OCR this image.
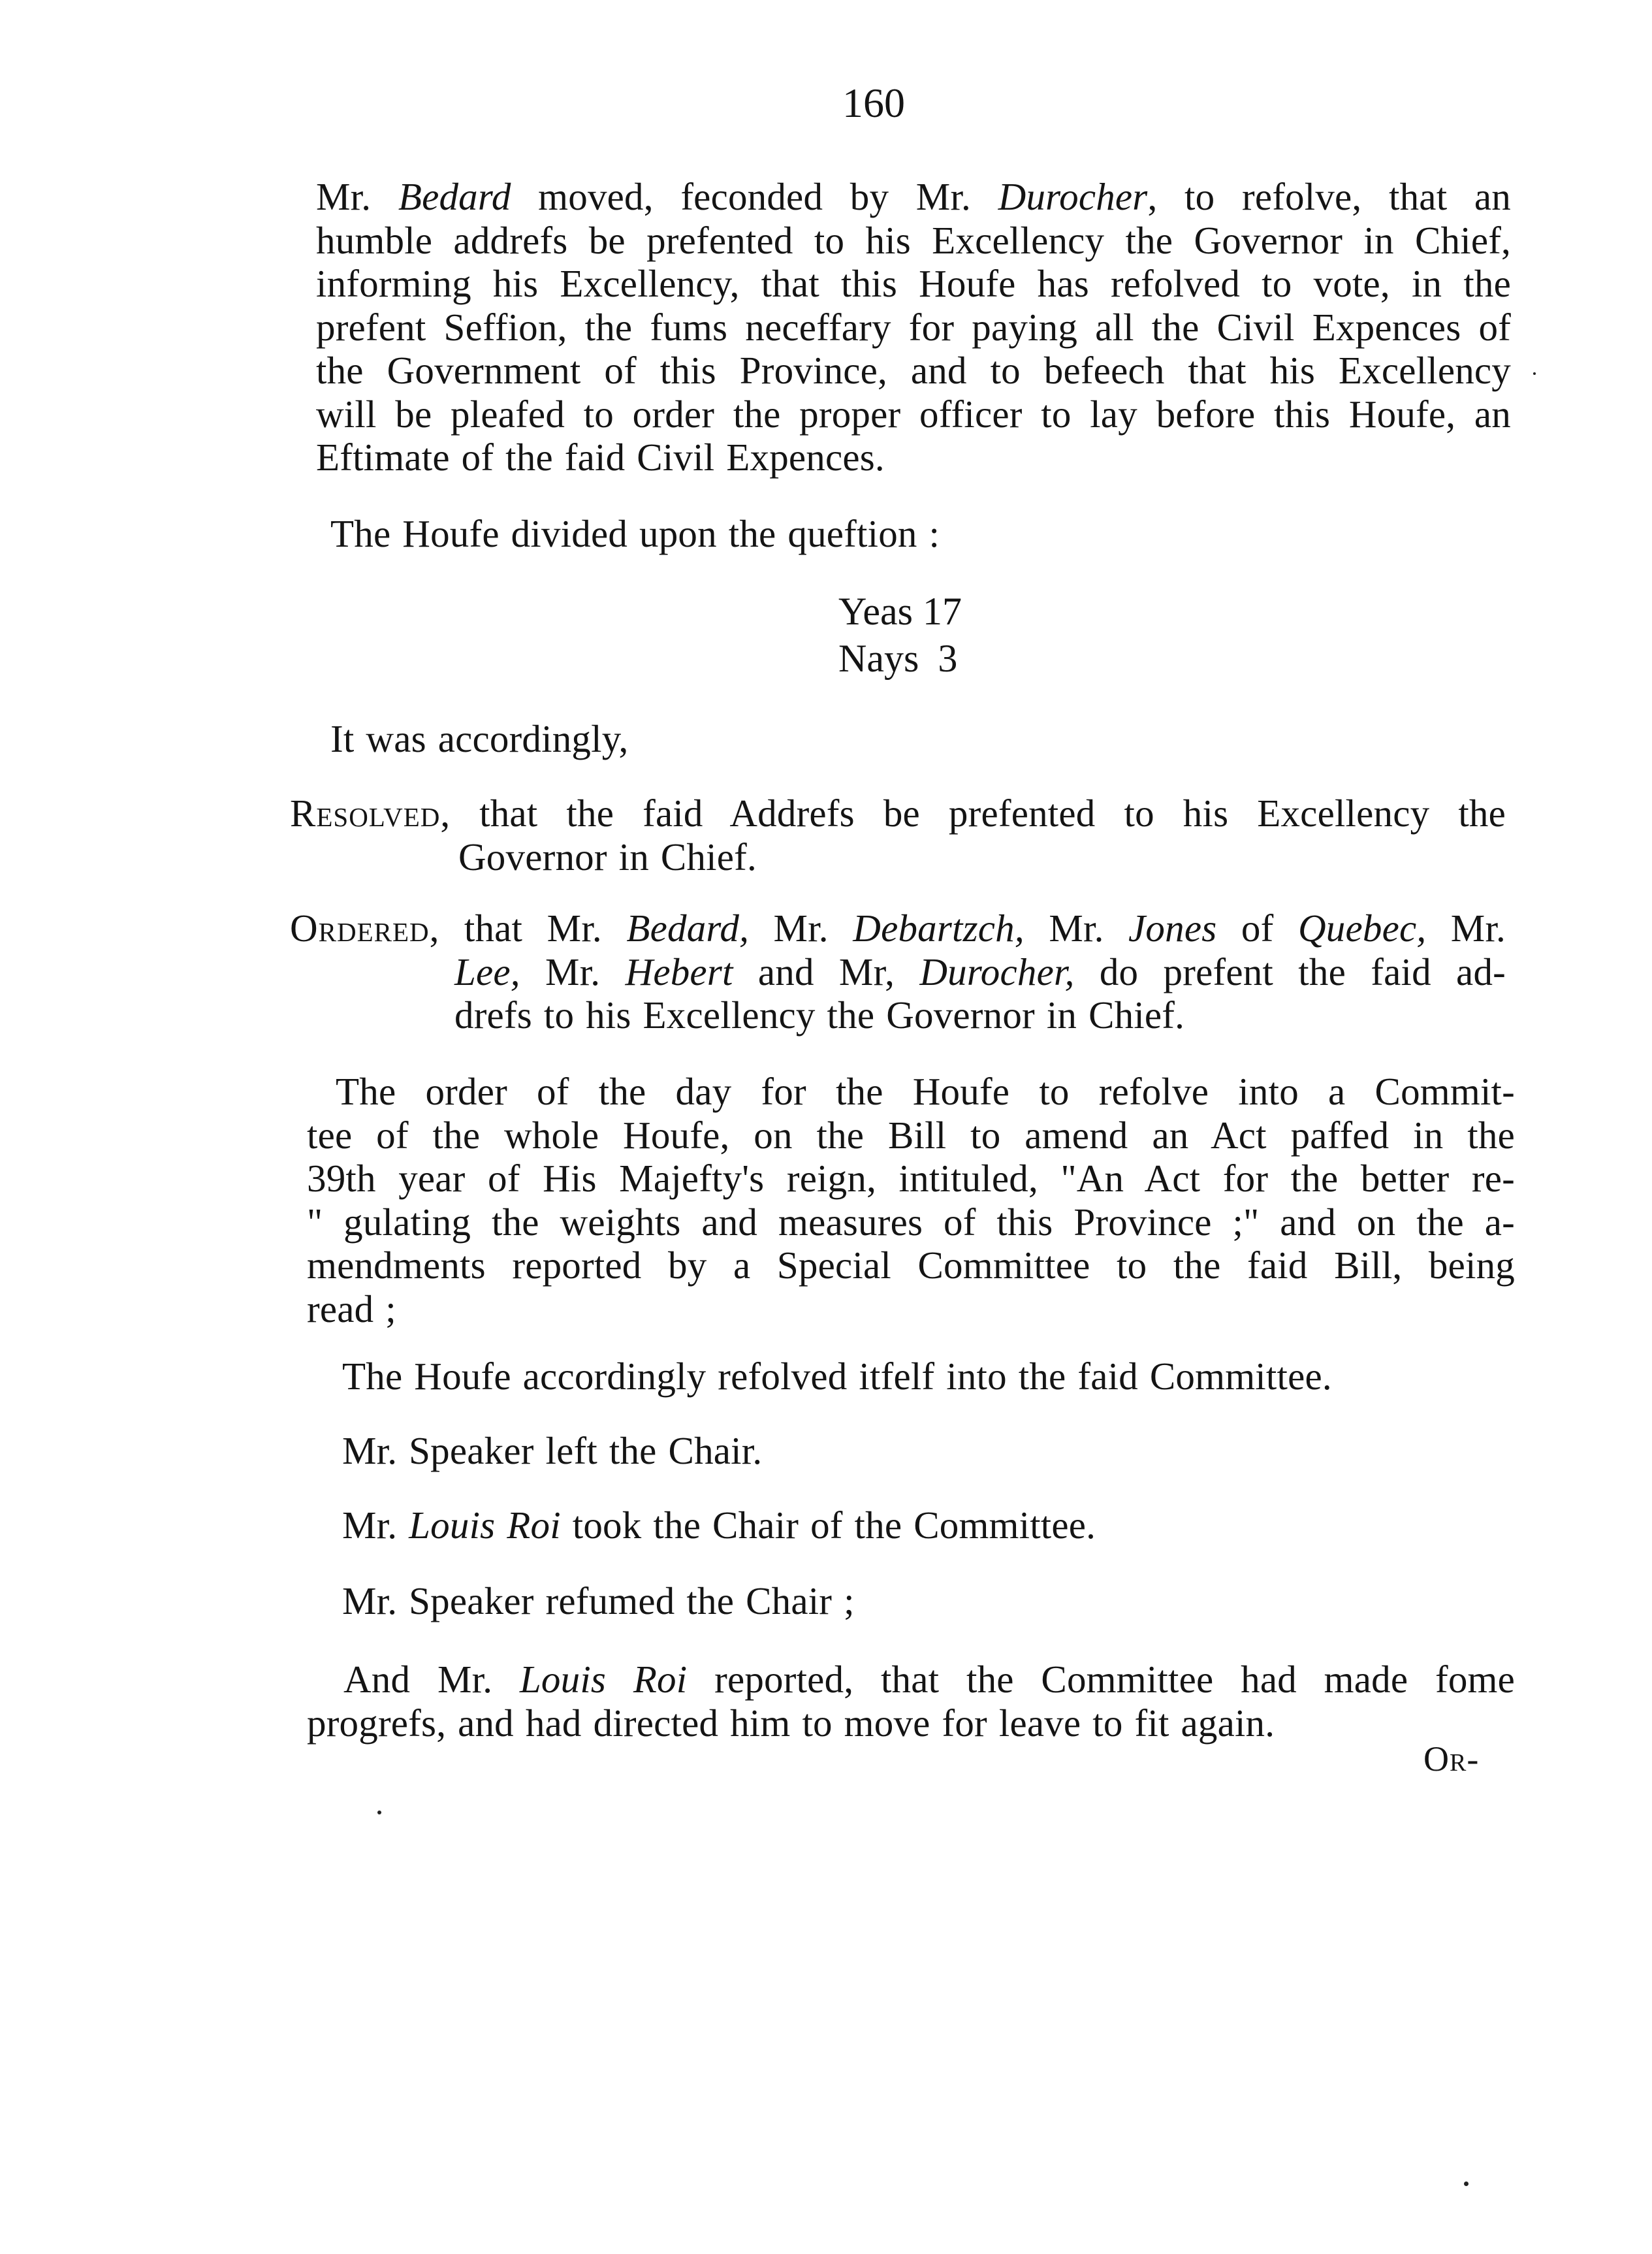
160
Mr. Bedard moved, feconded by Mr. Durocher, to refolve, that an
humble addrefs be prefented to his Excellency the Governor in Chief,
informing his Excellency, that this Houfe has refolved to vote, in the
prefent Seffion, the fums neceffary for paying all the Civil Expences of
the Government of this Province, and to befeech that his Excellency
will be pleafed to order the proper officer to lay before this Houfe, an
Eftimate of the faid Civil Expences.
The Houfe divided upon the queftion :
Yeas 17
Nays 3
It was accordingly,
Resolved, that the faid Addrefs be prefented to his Excellency the
Governor in Chief.
Ordered, that Mr. Bedard, Mr. Debartzch, Mr. Jones of Quebec, Mr.
Lee, Mr. Hebert and Mr, Durocher, do prefent the faid ad-
drefs to his Excellency the Governor in Chief.
The order of the day for the Houfe to refolve into a Commit-
tee of the whole Houfe, on the Bill to amend an Act paffed in the
39th year of His Majefty's reign, intituled, "An Act for the better re-
" gulating the weights and measures of this Province ;" and on the a-
mendments reported by a Special Committee to the faid Bill, being
read ;
The Houfe accordingly refolved itfelf into the faid Committee.
Mr. Speaker left the Chair.
Mr. Louis Roi took the Chair of the Committee.
Mr. Speaker refumed the Chair ;
And Mr. Louis Roi reported, that the Committee had made fome
progrefs, and had directed him to move for leave to fit again.
Or-
